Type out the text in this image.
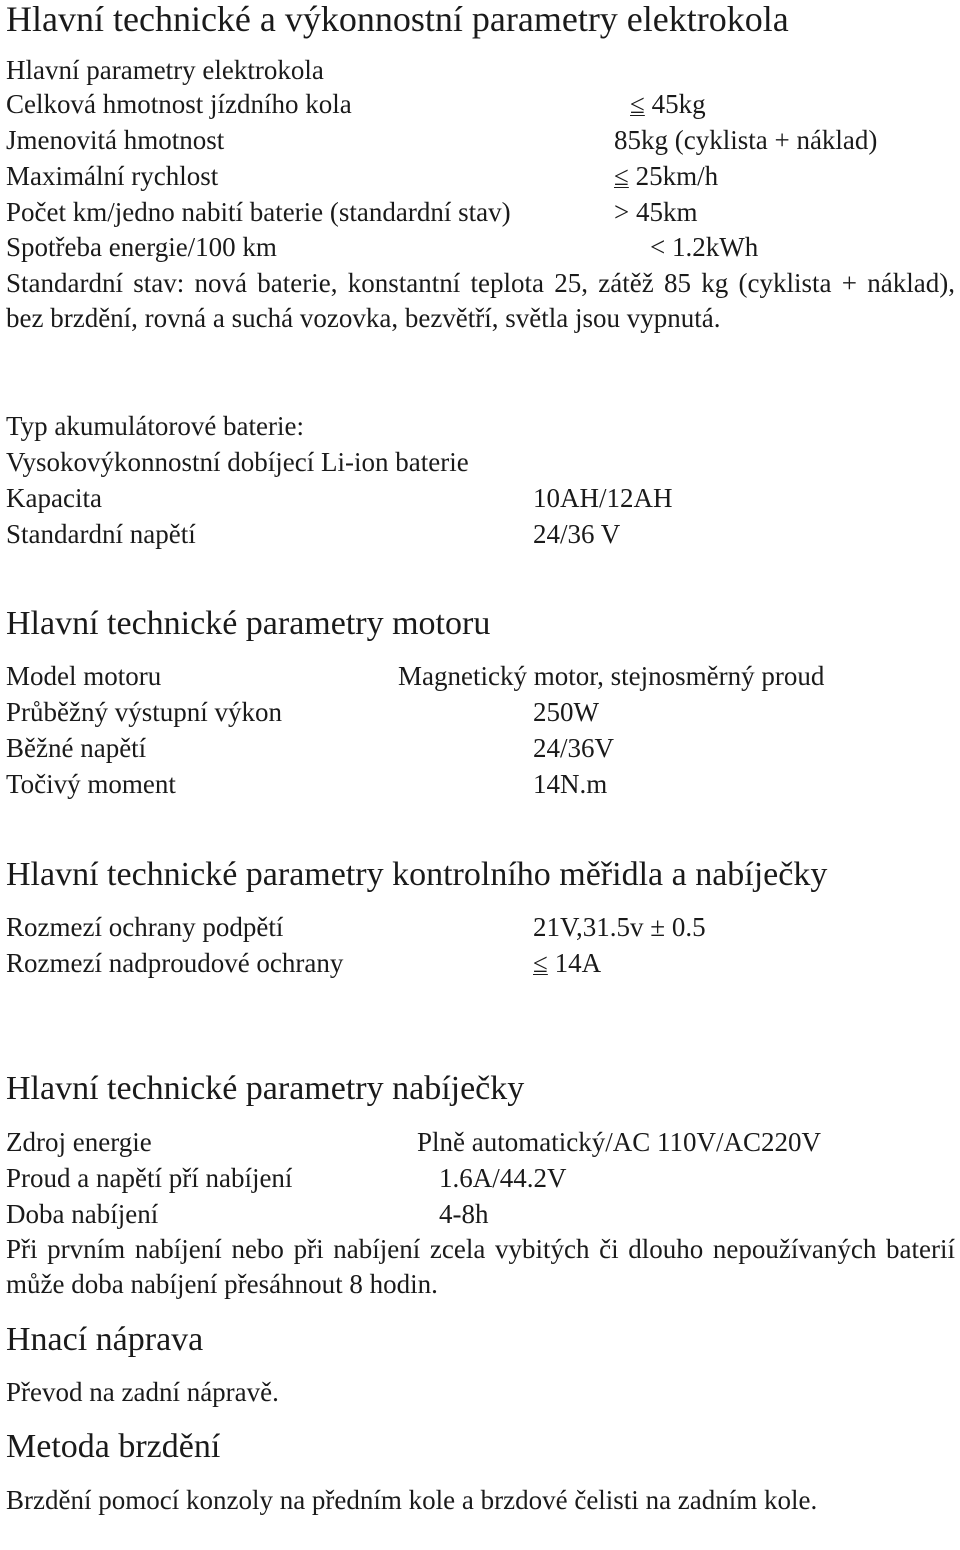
Hlavní technické a výkonnostní parametry elektrokola
Hlavní parametry elektrokola
Celková hmotnost jízdního kola	≤ 45kg
Jmenovitá hmotnost	85kg (cyklista + náklad)
Maximální rychlost	≤ 25km/h
Počet km/jedno nabití baterie (standardní stav)	> 45km
Spotřeba energie/100 km	< 1.2kWh
Standardní stav: nová baterie, konstantní teplota 25, zátěž 85 kg (cyklista + náklad), bez brzdění, rovná a suchá vozovka, bezvětří, světla jsou vypnutá.
Typ akumulátorové baterie:
Vysokovýkonnostní dobíjecí Li-ion baterie
Kapacita	10AH/12AH
Standardní napětí	24/36 V
Hlavní technické parametry motoru
Model motoru	Magnetický motor, stejnosměrný proud
Průběžný výstupní výkon	250W
Běžné napětí	24/36V
Točivý moment	14N.m
Hlavní technické parametry kontrolního měřidla a nabíječky
Rozmezí ochrany podpětí	21V,31.5v ± 0.5
Rozmezí nadproudové ochrany	≤ 14A
Hlavní technické parametry nabíječky
Zdroj energie	Plně automatický/AC 110V/AC220V
Proud a napětí pří nabíjení	1.6A/44.2V
Doba nabíjení	4-8h
Při prvním nabíjení nebo při nabíjení zcela vybitých či dlouho nepoužívaných baterií může doba nabíjení přesáhnout 8 hodin.
Hnací náprava
Převod na zadní nápravě.
Metoda brzdění
Brzdění pomocí konzoly na předním kole a brzdové čelisti na zadním kole.
